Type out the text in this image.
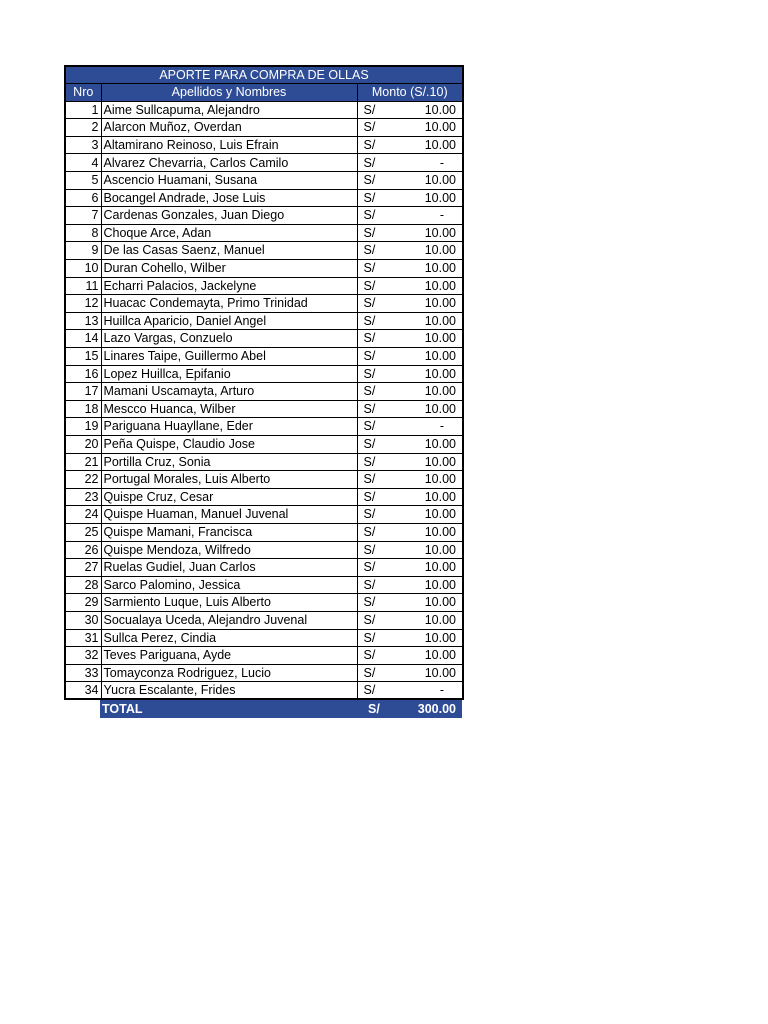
APORTE PARA COMPRA DE OLLAS			
Nro	Apellidos y Nombres	Monto (S/.10)	
1	Aime Sullcapuma, Alejandro	S/	10.00
2	Alarcon Muñoz, Overdan	S/	10.00
3	Altamirano Reinoso, Luis Efrain	S/	10.00
4	Alvarez Chevarria, Carlos Camilo	S/	-
5	Ascencio Huamani, Susana	S/	10.00
6	Bocangel Andrade, Jose Luis	S/	10.00
7	Cardenas Gonzales, Juan Diego	S/	-
8	Choque Arce, Adan	S/	10.00
9	De las Casas Saenz, Manuel	S/	10.00
10	Duran Cohello, Wilber	S/	10.00
11	Echarri Palacios, Jackelyne	S/	10.00
12	Huacac Condemayta, Primo Trinidad	S/	10.00
13	Huillca Aparicio, Daniel Angel	S/	10.00
14	Lazo Vargas, Conzuelo	S/	10.00
15	Linares Taipe, Guillermo Abel	S/	10.00
16	Lopez Huillca, Epifanio	S/	10.00
17	Mamani Uscamayta, Arturo	S/	10.00
18	Mescco Huanca, Wilber	S/	10.00
19	Pariguana Huayllane, Eder	S/	-
20	Peña Quispe, Claudio Jose	S/	10.00
21	Portilla Cruz, Sonia	S/	10.00
22	Portugal Morales, Luis Alberto	S/	10.00
23	Quispe Cruz, Cesar	S/	10.00
24	Quispe Huaman, Manuel Juvenal	S/	10.00
25	Quispe Mamani, Francisca	S/	10.00
26	Quispe Mendoza, Wilfredo	S/	10.00
27	Ruelas Gudiel, Juan Carlos	S/	10.00
28	Sarco Palomino, Jessica	S/	10.00
29	Sarmiento Luque, Luis Alberto	S/	10.00
30	Socualaya Uceda, Alejandro Juvenal	S/	10.00
31	Sullca Perez, Cindia	S/	10.00
32	Teves Pariguana, Ayde	S/	10.00
33	Tomayconza Rodriguez, Lucio	S/	10.00
34	Yucra Escalante, Frides	S/	-
	TOTAL	S/	300.00
